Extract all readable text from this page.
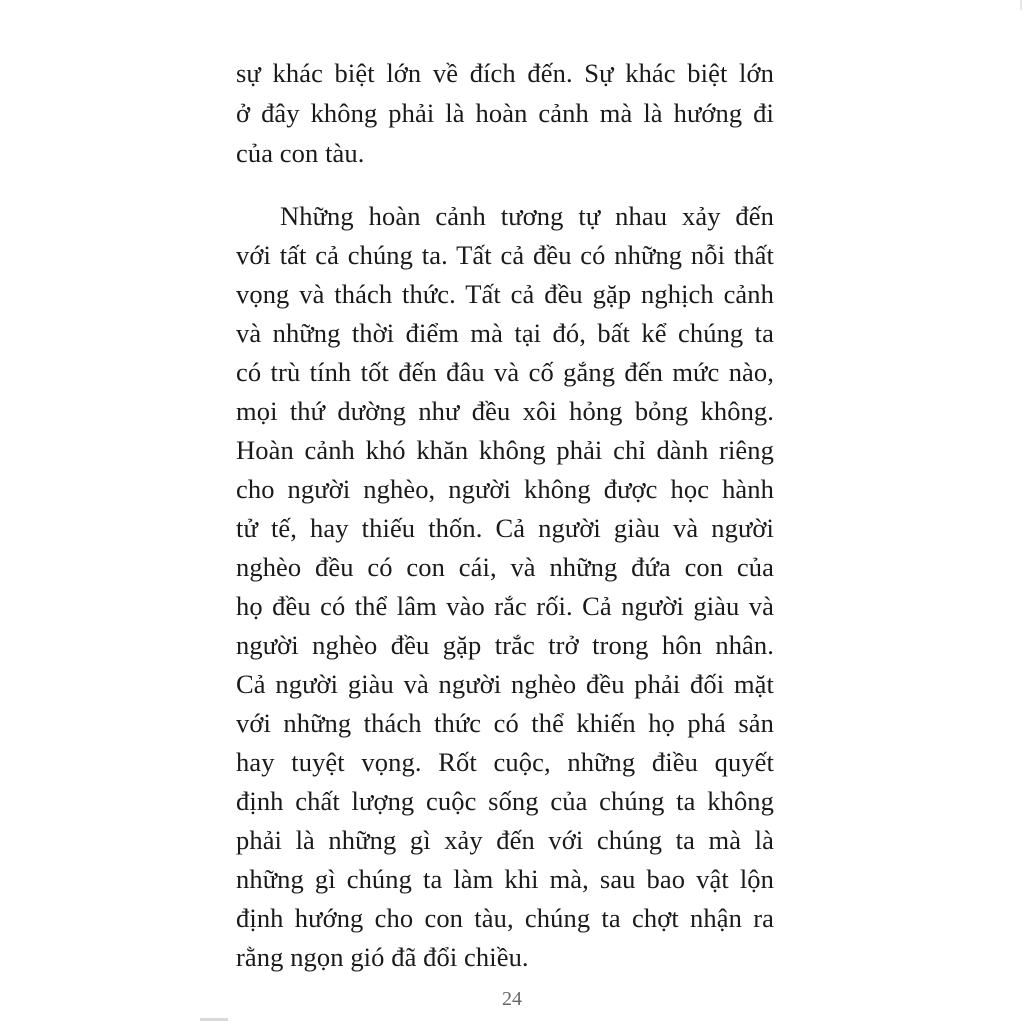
sự khác biệt lớn về đích đến. Sự khác biệt lớn
ở đây không phải là hoàn cảnh mà là hướng đi
của con tàu.
Những hoàn cảnh tương tự nhau xảy đến
với tất cả chúng ta. Tất cả đều có những nỗi thất
vọng và thách thức. Tất cả đều gặp nghịch cảnh
và những thời điểm mà tại đó, bất kể chúng ta
có trù tính tốt đến đâu và cố gắng đến mức nào,
mọi thứ dường như đều xôi hỏng bỏng không.
Hoàn cảnh khó khăn không phải chỉ dành riêng
cho người nghèo, người không được học hành
tử tế, hay thiếu thốn. Cả người giàu và người
nghèo đều có con cái, và những đứa con của
họ đều có thể lâm vào rắc rối. Cả người giàu và
người nghèo đều gặp trắc trở trong hôn nhân.
Cả người giàu và người nghèo đều phải đối mặt
với những thách thức có thể khiến họ phá sản
hay tuyệt vọng. Rốt cuộc, những điều quyết
định chất lượng cuộc sống của chúng ta không
phải là những gì xảy đến với chúng ta mà là
những gì chúng ta làm khi mà, sau bao vật lộn
định hướng cho con tàu, chúng ta chợt nhận ra
rằng ngọn gió đã đổi chiều.
24
